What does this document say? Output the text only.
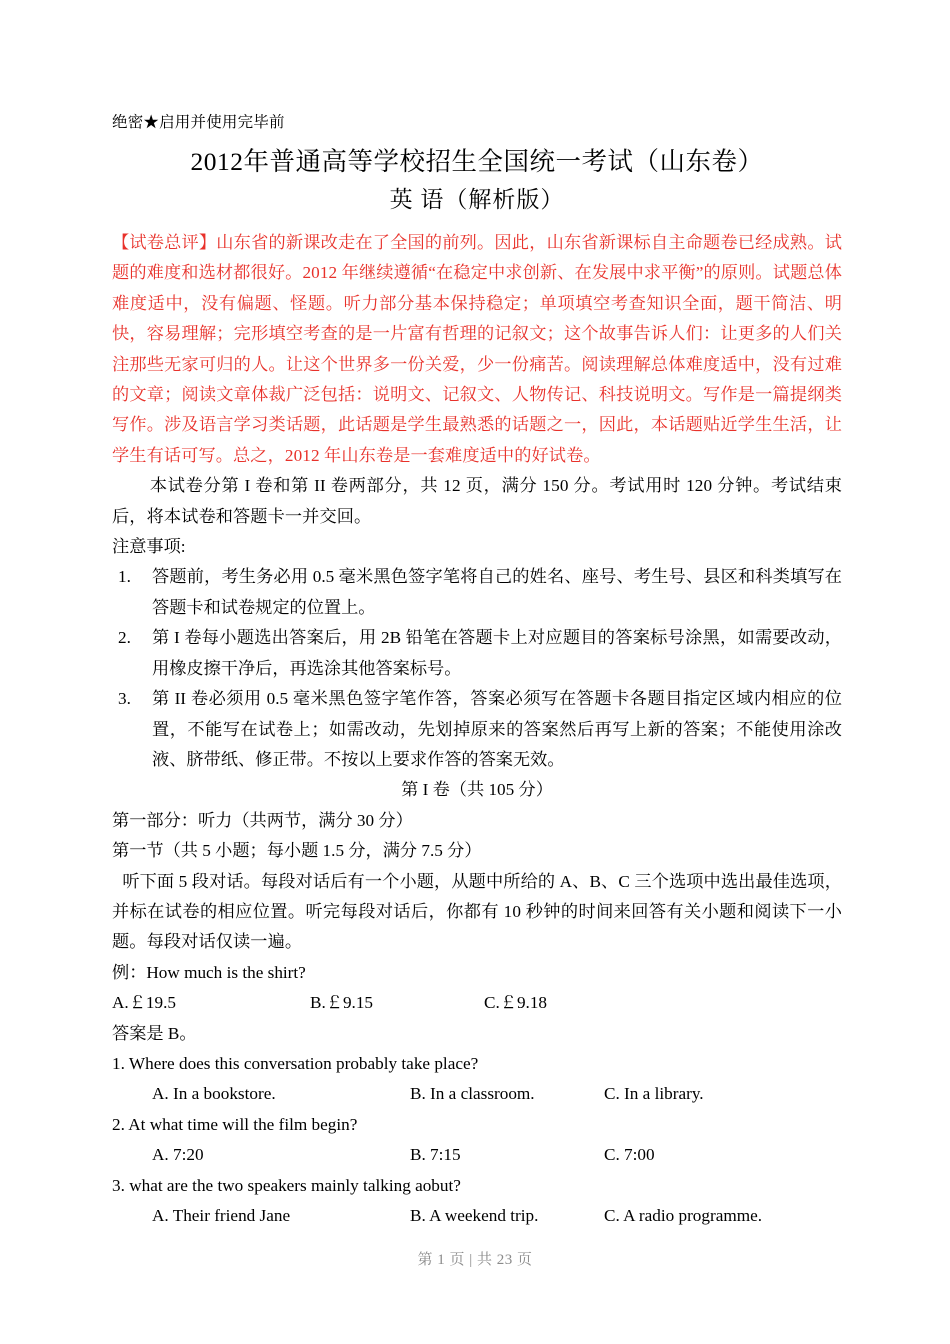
绝密★启用并使用完毕前
2012年普通高等学校招生全国统一考试（山东卷）
英 语（解析版）

【试卷总评】山东省的新课改走在了全国的前列。因此，山东省新课标自主命题卷已经成熟。试题的难度和选材都很好。2012 年继续遵循“在稳定中求创新、在发展中求平衡”的原则。试题总体难度适中，没有偏题、怪题。听力部分基本保持稳定；单项填空考查知识全面，题干简洁、明快，容易理解；完形填空考查的是一片富有哲理的记叙文；这个故事告诉人们：让更多的人们关注那些无家可归的人。让这个世界多一份关爱，少一份痛苦。阅读理解总体难度适中，没有过难的文章；阅读文章体裁广泛包括：说明文、记叙文、人物传记、科技说明文。写作是一篇提纲类写作。涉及语言学习类话题，此话题是学生最熟悉的话题之一，因此，本话题贴近学生生活，让学生有话可写。总之，2012 年山东卷是一套难度适中的好试卷。

本试卷分第 I 卷和第 II 卷两部分，共 12 页，满分 150 分。考试用时 120 分钟。考试结束后，将本试卷和答题卡一并交回。

注意事项:

1. 答题前，考生务必用 0.5 毫米黑色签字笔将自己的姓名、座号、考生号、县区和科类填写在答题卡和试卷规定的位置上。
2. 第 I 卷每小题选出答案后，用 2B 铅笔在答题卡上对应题目的答案标号涂黑，如需要改动，用橡皮擦干净后，再选涂其他答案标号。
3. 第 II 卷必须用 0.5 毫米黑色签字笔作答，答案必须写在答题卡各题目指定区域内相应的位置，不能写在试卷上；如需改动，先划掉原来的答案然后再写上新的答案；不能使用涂改液、脐带纸、修正带。不按以上要求作答的答案无效。

第 I 卷（共 105 分）

第一部分：听力（共两节，满分 30 分）

第一节（共 5 小题；每小题 1.5 分，满分 7.5 分）

听下面 5 段对话。每段对话后有一个小题，从题中所给的 A、B、C 三个选项中选出最佳选项，并标在试卷的相应位置。听完每段对话后，你都有 10 秒钟的时间来回答有关小题和阅读下一小题。每段对话仅读一遍。

例：How much is the shirt?

A.￡19.5	B.￡9.15	C.￡9.18

答案是 B。

1. Where does this conversation probably take place?

A. In a bookstore.	B. In a classroom.	C. In a library.

2. At what time will the film begin?

A. 7:20	B. 7:15	C. 7:00

3. what are the two speakers mainly talking aobut?

A. Their friend Jane	B. A weekend trip.	C. A radio programme.
第 1 页 | 共 23 页
